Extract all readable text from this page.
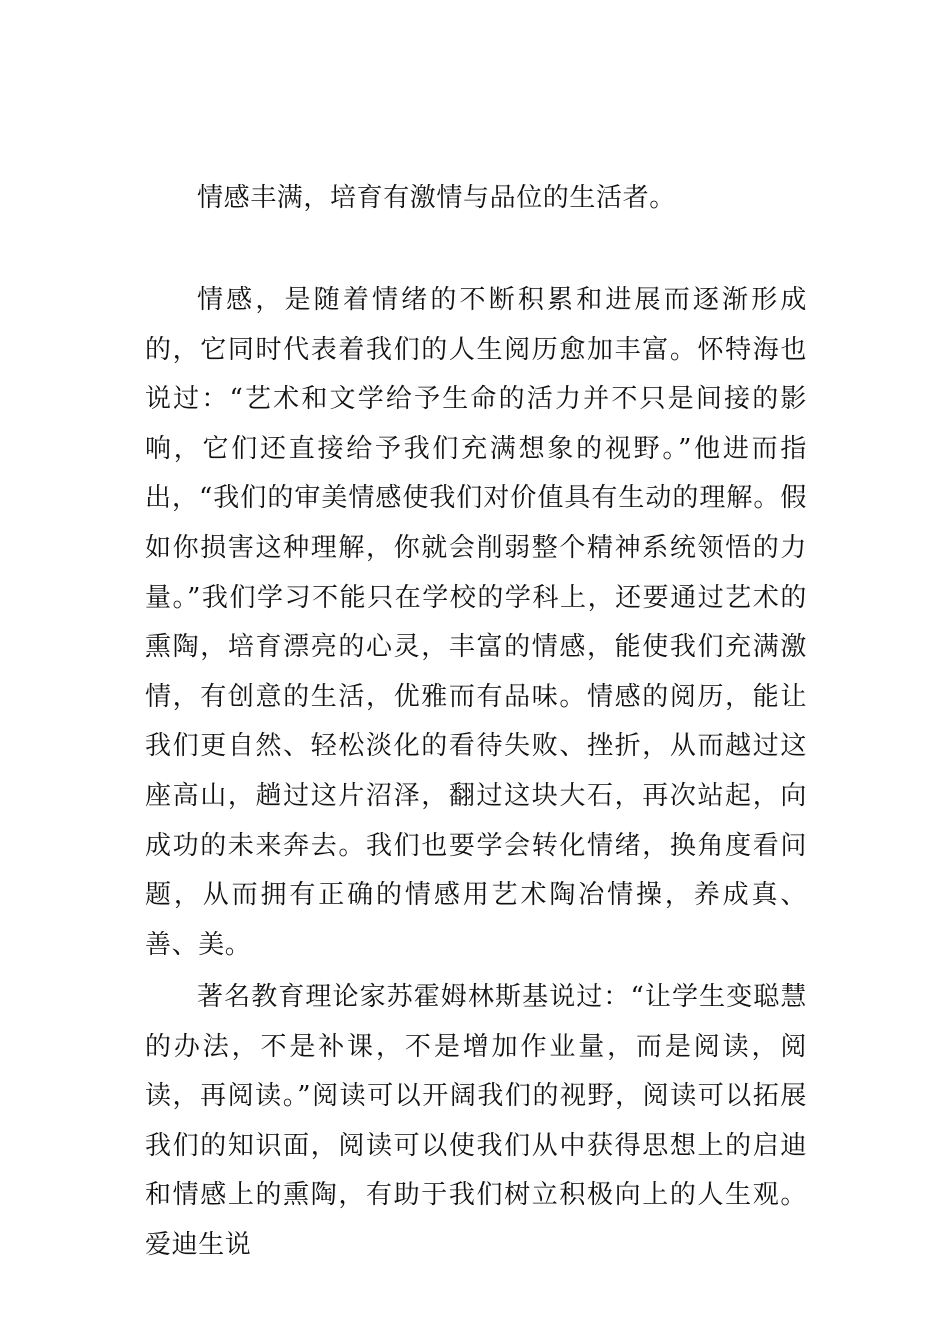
情感丰满，培育有激情与品位的生活者。

情感，是随着情绪的不断积累和进展而逐渐形成的，它同时代表着我们的人生阅历愈加丰富。怀特海也说过：“艺术和文学给予生命的活力并不只是间接的影响，它们还直接给予我们充满想象的视野。”他进而指出，“我们的审美情感使我们对价值具有生动的理解。假如你损害这种理解，你就会削弱整个精神系统领悟的力量。”我们学习不能只在学校的学科上，还要通过艺术的熏陶，培育漂亮的心灵，丰富的情感，能使我们充满激情，有创意的生活，优雅而有品味。情感的阅历，能让我们更自然、轻松淡化的看待失败、挫折，从而越过这座高山，趟过这片沼泽，翻过这块大石，再次站起，向成功的未来奔去。我们也要学会转化情绪，换角度看问题，从而拥有正确的情感用艺术陶冶情操，养成真、善、美。

著名教育理论家苏霍姆林斯基说过：“让学生变聪慧的办法，不是补课，不是增加作业量，而是阅读，阅读，再阅读。”阅读可以开阔我们的视野，阅读可以拓展我们的知识面，阅读可以使我们从中获得思想上的启迪和情感上的熏陶，有助于我们树立积极向上的人生观。爱迪生说
